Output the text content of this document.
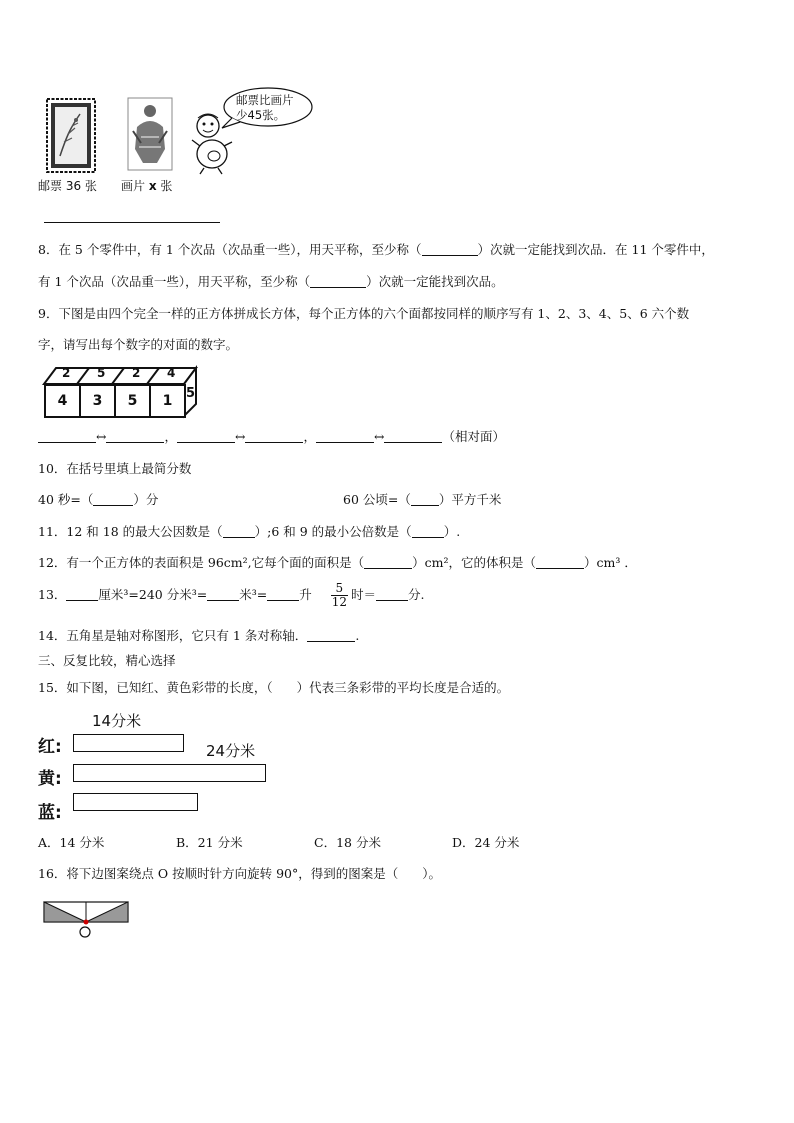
邮票 36 张 画片 x 张
邮票比画片
少45张。
8．在 5 个零件中，有 1 个次品（次品重一些），用天平称，至少称（	）次就一定能找到次品．在 11 个零件中，
有 1 个次品（次品重一些），用天平称，至少称（	）次就一定能找到次品。
9．下图是由四个完全一样的正方体拼成长方体，每个正方体的六个面都按同样的顺序写有 1、2、3、4、5、6 六个数
字，请写出每个数字的对面的数字。
4	3	5	1
2 5 2 4
5
↔	，	↔	，	↔	（相对面）
10．在括号里填上最简分数
40 秒=（	）分	60 公顷=（ ）平方千米
11．12 和 18 的最大公因数是（	）;6 和 9 的最小公倍数是（	）.
12．有一个正方体的表面积是 96cm²,它每个面的面积是（	）cm²，它的体积是（	）cm³ ．
13．	厘米³=240 分米³=	米³=	升 $\frac{5}{12}$ 时＝	分.
14．五角星是轴对称图形，它只有 1 条对称轴．	.
三、反复比较，精心选择
15．如下图，已知红、黄色彩带的长度，（ ）代表三条彩带的平均长度是合适的。
14分米
24分米
红:
黄:
蓝:
A．14 分米	B．21 分米	C．18 分米	D．24 分米
16．将下边图案绕点 O 按顺时针方向旋转 90°，得到的图案是（ ）。
